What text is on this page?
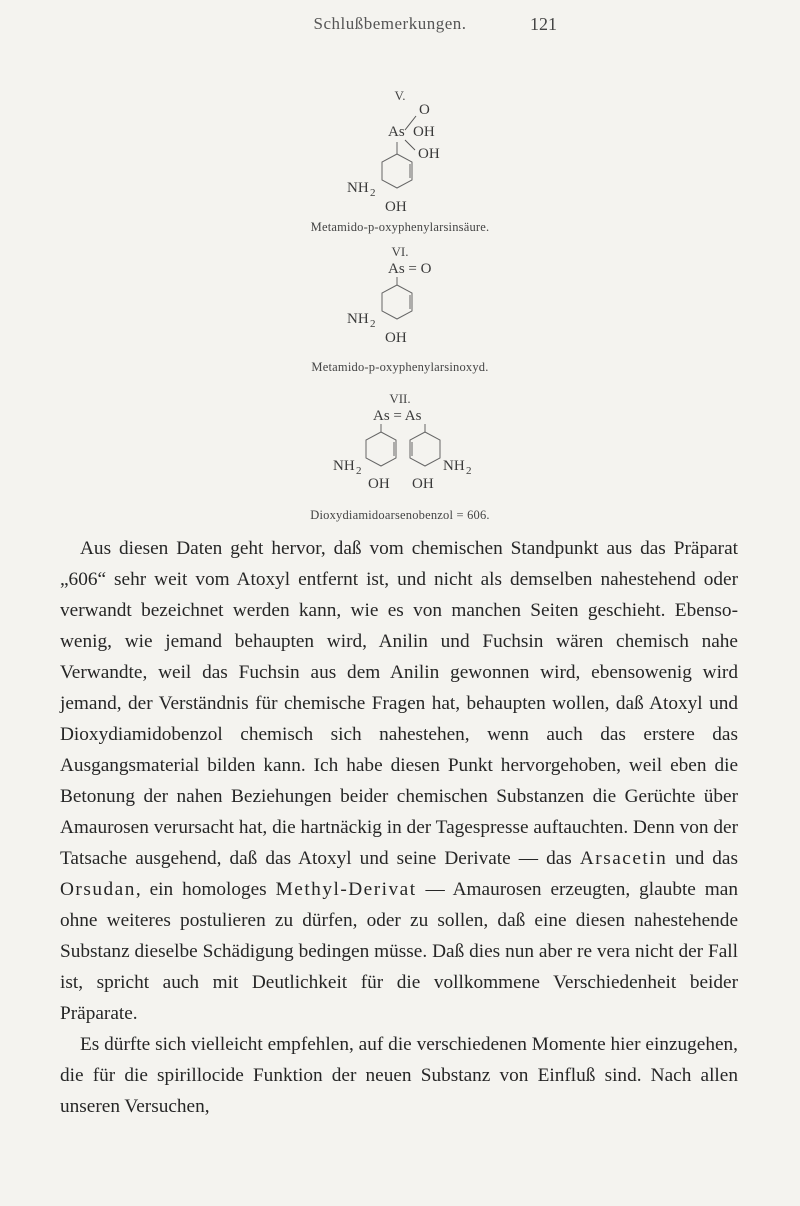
Schlußbemerkungen.	121
V.
O
As OH
OH
NH 2
OH
Metamido-p-oxyphenylarsinsäure.
VI.
As = O
NH 2
OH
Metamido-p-oxyphenylarsinoxyd.
VII.
As = As
NH 2	NH 2
OH OH
Dioxydiamidoarsenobenzol = 606.

Aus diesen Daten geht hervor, daß vom chemischen Standpunkt aus das Präparat „606“ sehr weit vom Atoxyl entfernt ist, und nicht als demselben nahestehend oder verwandt bezeichnet werden kann, wie es von manchen Seiten geschieht. Ebensowenig, wie jemand behaupten wird, Anilin und Fuchsin wären chemisch nahe Verwandte, weil das Fuchsin aus dem Anilin gewonnen wird, ebensowenig wird jemand, der Verständnis für chemische Fragen hat, behaupten wollen, daß Atoxyl und Dioxydiamidobenzol chemisch sich nahestehen, wenn auch das erstere das Ausgangsmaterial bilden kann. Ich habe diesen Punkt hervorgehoben, weil eben die Betonung der nahen Beziehungen beider chemischen Substanzen die Gerüchte über Amaurosen verursacht hat, die hartnäckig in der Tagespresse auftauchten. Denn von der Tatsache ausgehend, daß das Atoxyl und seine Derivate — das Arsacetin und das Orsudan, ein homologes Methyl-Derivat — Amaurosen erzeugten, glaubte man ohne weiteres postulieren zu dürfen, oder zu sollen, daß eine diesen nahestehende Substanz dieselbe Schädigung bedingen müsse. Daß dies nun aber re vera nicht der Fall ist, spricht auch mit Deutlichkeit für die vollkommene Verschiedenheit beider Präparate.

Es dürfte sich vielleicht empfehlen, auf die verschiedenen Momente hier einzugehen, die für die spirillocide Funktion der neuen Substanz von Einfluß sind. Nach allen unseren Versuchen,
